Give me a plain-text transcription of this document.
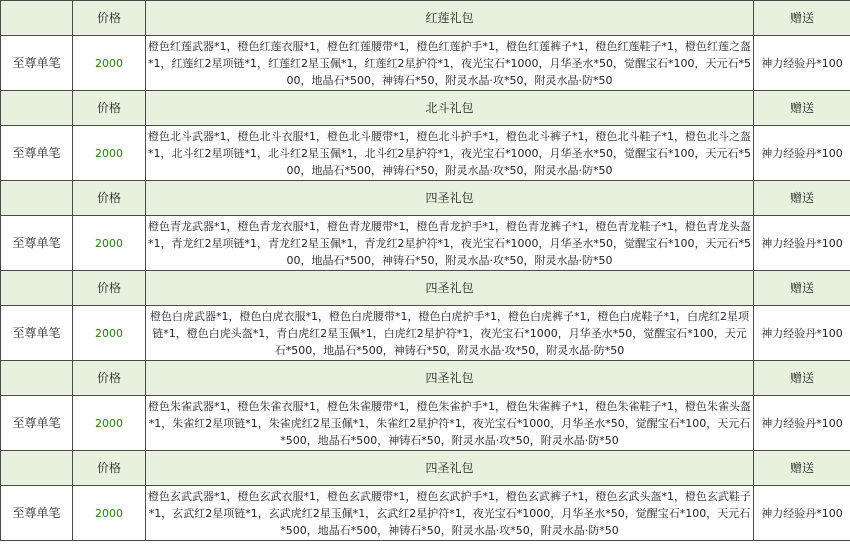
	价格	红莲礼包	赠送
至尊单笔	2000	橙色红莲武器*1，橙色红莲衣服*1，橙色红莲腰带*1，橙色红莲护手*1，橙色红莲裤子*1，橙色红莲鞋子*1，橙色红莲之盔*1，红莲红2星项链*1，红莲红2星玉佩*1，红莲红2星护符*1，夜光宝石*1000，月华圣水*50，觉醒宝石*100，天元石*500，地晶石*500，神铸石*50，附灵水晶·攻*50，附灵水晶·防*50	神力经验丹*100
	价格	北斗礼包	赠送
至尊单笔	2000	橙色北斗武器*1，橙色北斗衣服*1，橙色北斗腰带*1，橙色北斗护手*1，橙色北斗裤子*1，橙色北斗鞋子*1，橙色北斗之盔*1，北斗红2星项链*1，北斗红2星玉佩*1，北斗红2星护符*1，夜光宝石*1000，月华圣水*50，觉醒宝石*100，天元石*500，地晶石*500，神铸石*50，附灵水晶·攻*50，附灵水晶·防*50	神力经验丹*100
	价格	四圣礼包	赠送
至尊单笔	2000	橙色青龙武器*1，橙色青龙衣服*1，橙色青龙腰带*1，橙色青龙护手*1，橙色青龙裤子*1，橙色青龙鞋子*1，橙色青龙头盔*1，青龙红2星项链*1，青龙红2星玉佩*1，青龙红2星护符*1，夜光宝石*1000，月华圣水*50，觉醒宝石*100，天元石*500，地晶石*500，神铸石*50，附灵水晶·攻*50，附灵水晶·防*50	神力经验丹*100
	价格	四圣礼包	赠送
至尊单笔	2000	橙色白虎武器*1，橙色白虎衣服*1，橙色白虎腰带*1，橙色白虎护手*1，橙色白虎裤子*1，橙色白虎鞋子*1，白虎红2星项链*1，橙色白虎头盔*1，青白虎红2星玉佩*1，白虎红2星护符*1，夜光宝石*1000，月华圣水*50，觉醒宝石*100，天元石*500，地晶石*500，神铸石*50，附灵水晶·攻*50，附灵水晶·防*50	神力经验丹*100
	价格	四圣礼包	赠送
至尊单笔	2000	橙色朱雀武器*1，橙色朱雀衣服*1，橙色朱雀腰带*1，橙色朱雀护手*1，橙色朱雀裤子*1，橙色朱雀鞋子*1，橙色朱雀头盔*1，朱雀红2星项链*1，朱雀虎红2星玉佩*1，朱雀红2星护符*1，夜光宝石*1000，月华圣水*50，觉醒宝石*100，天元石*500，地晶石*500，神铸石*50，附灵水晶·攻*50，附灵水晶·防*50	神力经验丹*100
	价格	四圣礼包	赠送
至尊单笔	2000	橙色玄武武器*1，橙色玄武衣服*1，橙色玄武腰带*1，橙色玄武护手*1，橙色玄武裤子*1，橙色玄武头盔*1，橙色玄武鞋子*1，玄武红2星项链*1，玄武虎红2星玉佩*1，玄武红2星护符*1，夜光宝石*1000，月华圣水*50，觉醒宝石*100，天元石*500，地晶石*500，神铸石*50，附灵水晶·攻*50，附灵水晶·防*50	神力经验丹*100
